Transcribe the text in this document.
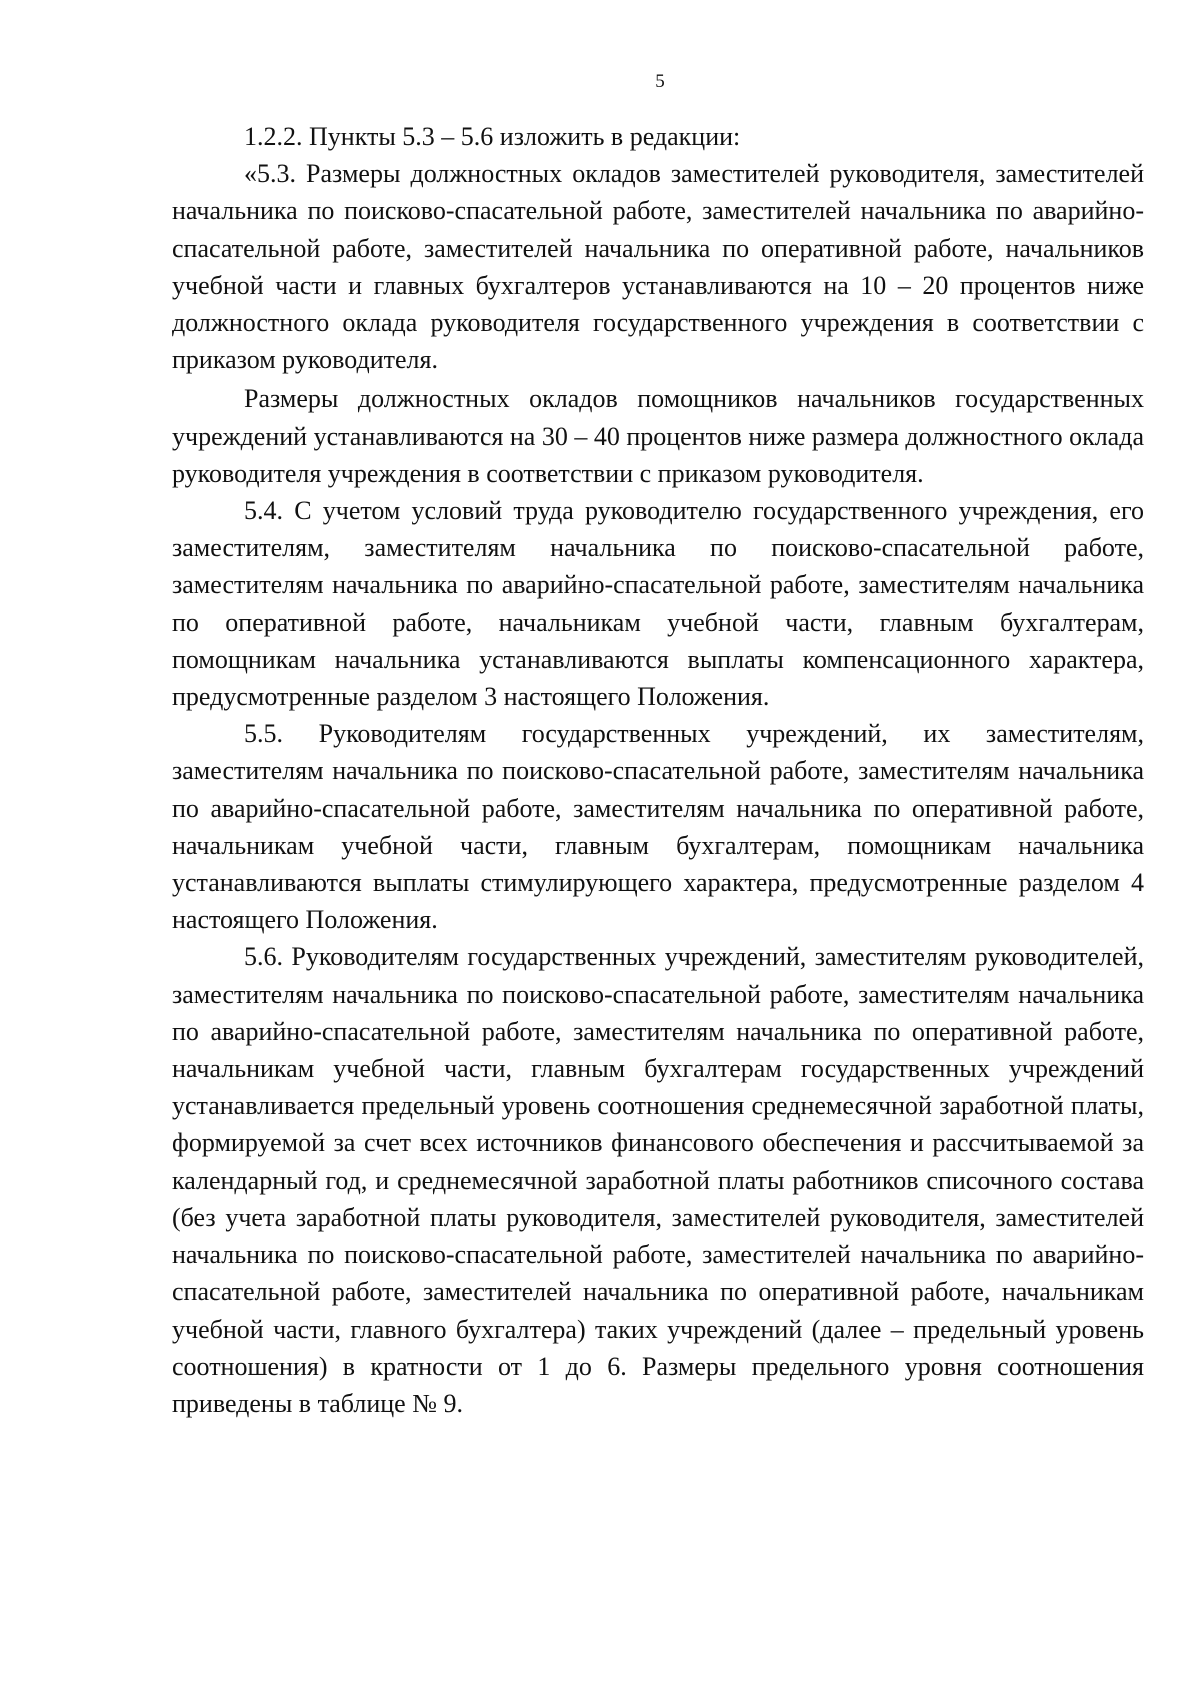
5

1.2.2. Пункты 5.3 – 5.6 изложить в редакции:

«5.3. Размеры должностных окладов заместителей руководителя, заместителей начальника по поисково-спасательной работе, заместителей начальника по аварийно-спасательной работе, заместителей начальника по оперативной работе, начальников учебной части и главных бухгалтеров устанавливаются на 10 – 20 процентов ниже должностного оклада руководителя государственного учреждения в соответствии с приказом руководителя.

Размеры должностных окладов помощников начальников государственных учреждений устанавливаются на 30 – 40 процентов ниже размера должностного оклада руководителя учреждения в соответствии с приказом руководителя.

5.4. С учетом условий труда руководителю государственного учреждения, его заместителям, заместителям начальника по поисково-спасательной работе, заместителям начальника по аварийно-спасательной работе, заместителям начальника по оперативной работе, начальникам учебной части, главным бухгалтерам, помощникам начальника устанавливаются выплаты компенсационного характера, предусмотренные разделом 3 настоящего Положения.

5.5. Руководителям государственных учреждений, их заместителям, заместителям начальника по поисково-спасательной работе, заместителям начальника по аварийно-спасательной работе, заместителям начальника по оперативной работе, начальникам учебной части, главным бухгалтерам, помощникам начальника устанавливаются выплаты стимулирующего характера, предусмотренные разделом 4 настоящего Положения.

5.6. Руководителям государственных учреждений, заместителям руководителей, заместителям начальника по поисково-спасательной работе, заместителям начальника по аварийно-спасательной работе, заместителям начальника по оперативной работе, начальникам учебной части, главным бухгалтерам государственных учреждений устанавливается предельный уровень соотношения среднемесячной заработной платы, формируемой за счет всех источников финансового обеспечения и рассчитываемой за календарный год, и среднемесячной заработной платы работников списочного состава (без учета заработной платы руководителя, заместителей руководителя, заместителей начальника по поисково-спасательной работе, заместителей начальника по аварийно-спасательной работе, заместителей начальника по оперативной работе, начальникам учебной части, главного бухгалтера) таких учреждений (далее – предельный уровень соотношения) в кратности от 1 до 6. Размеры предельного уровня соотношения приведены в таблице № 9.
